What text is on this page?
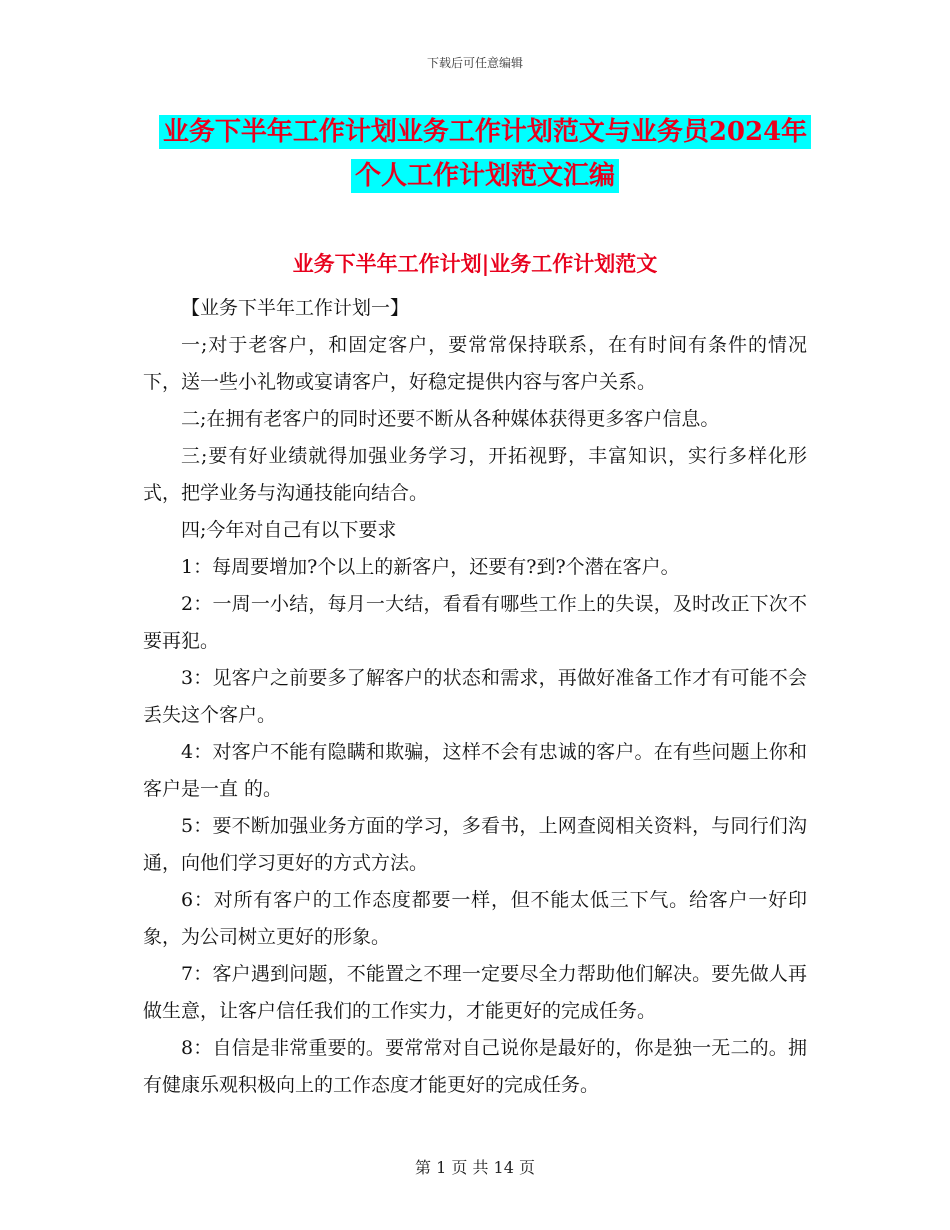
下载后可任意编辑
业务下半年工作计划业务工作计划范文与业务员2024年个人工作计划范文汇编
业务下半年工作计划|业务工作计划范文

【业务下半年工作计划一】

一;对于老客户，和固定客户，要常常保持联系，在有时间有条件的情况下，送一些小礼物或宴请客户，好稳定提供内容与客户关系。

二;在拥有老客户的同时还要不断从各种媒体获得更多客户信息。

三;要有好业绩就得加强业务学习，开拓视野，丰富知识，实行多样化形式，把学业务与沟通技能向结合。

四;今年对自己有以下要求

1：每周要增加?个以上的新客户，还要有?到?个潜在客户。

2：一周一小结，每月一大结，看看有哪些工作上的失误，及时改正下次不要再犯。

3：见客户之前要多了解客户的状态和需求，再做好准备工作才有可能不会丢失这个客户。

4：对客户不能有隐瞒和欺骗，这样不会有忠诚的客户。在有些问题上你和客户是一直 的。

5：要不断加强业务方面的学习，多看书，上网查阅相关资料，与同行们沟通，向他们学习更好的方式方法。

6：对所有客户的工作态度都要一样，但不能太低三下气。给客户一好印象，为公司树立更好的形象。

7：客户遇到问题，不能置之不理一定要尽全力帮助他们解决。要先做人再做生意，让客户信任我们的工作实力，才能更好的完成任务。

8：自信是非常重要的。要常常对自己说你是最好的，你是独一无二的。拥有健康乐观积极向上的工作态度才能更好的完成任务。

第 1 页 共 14 页
